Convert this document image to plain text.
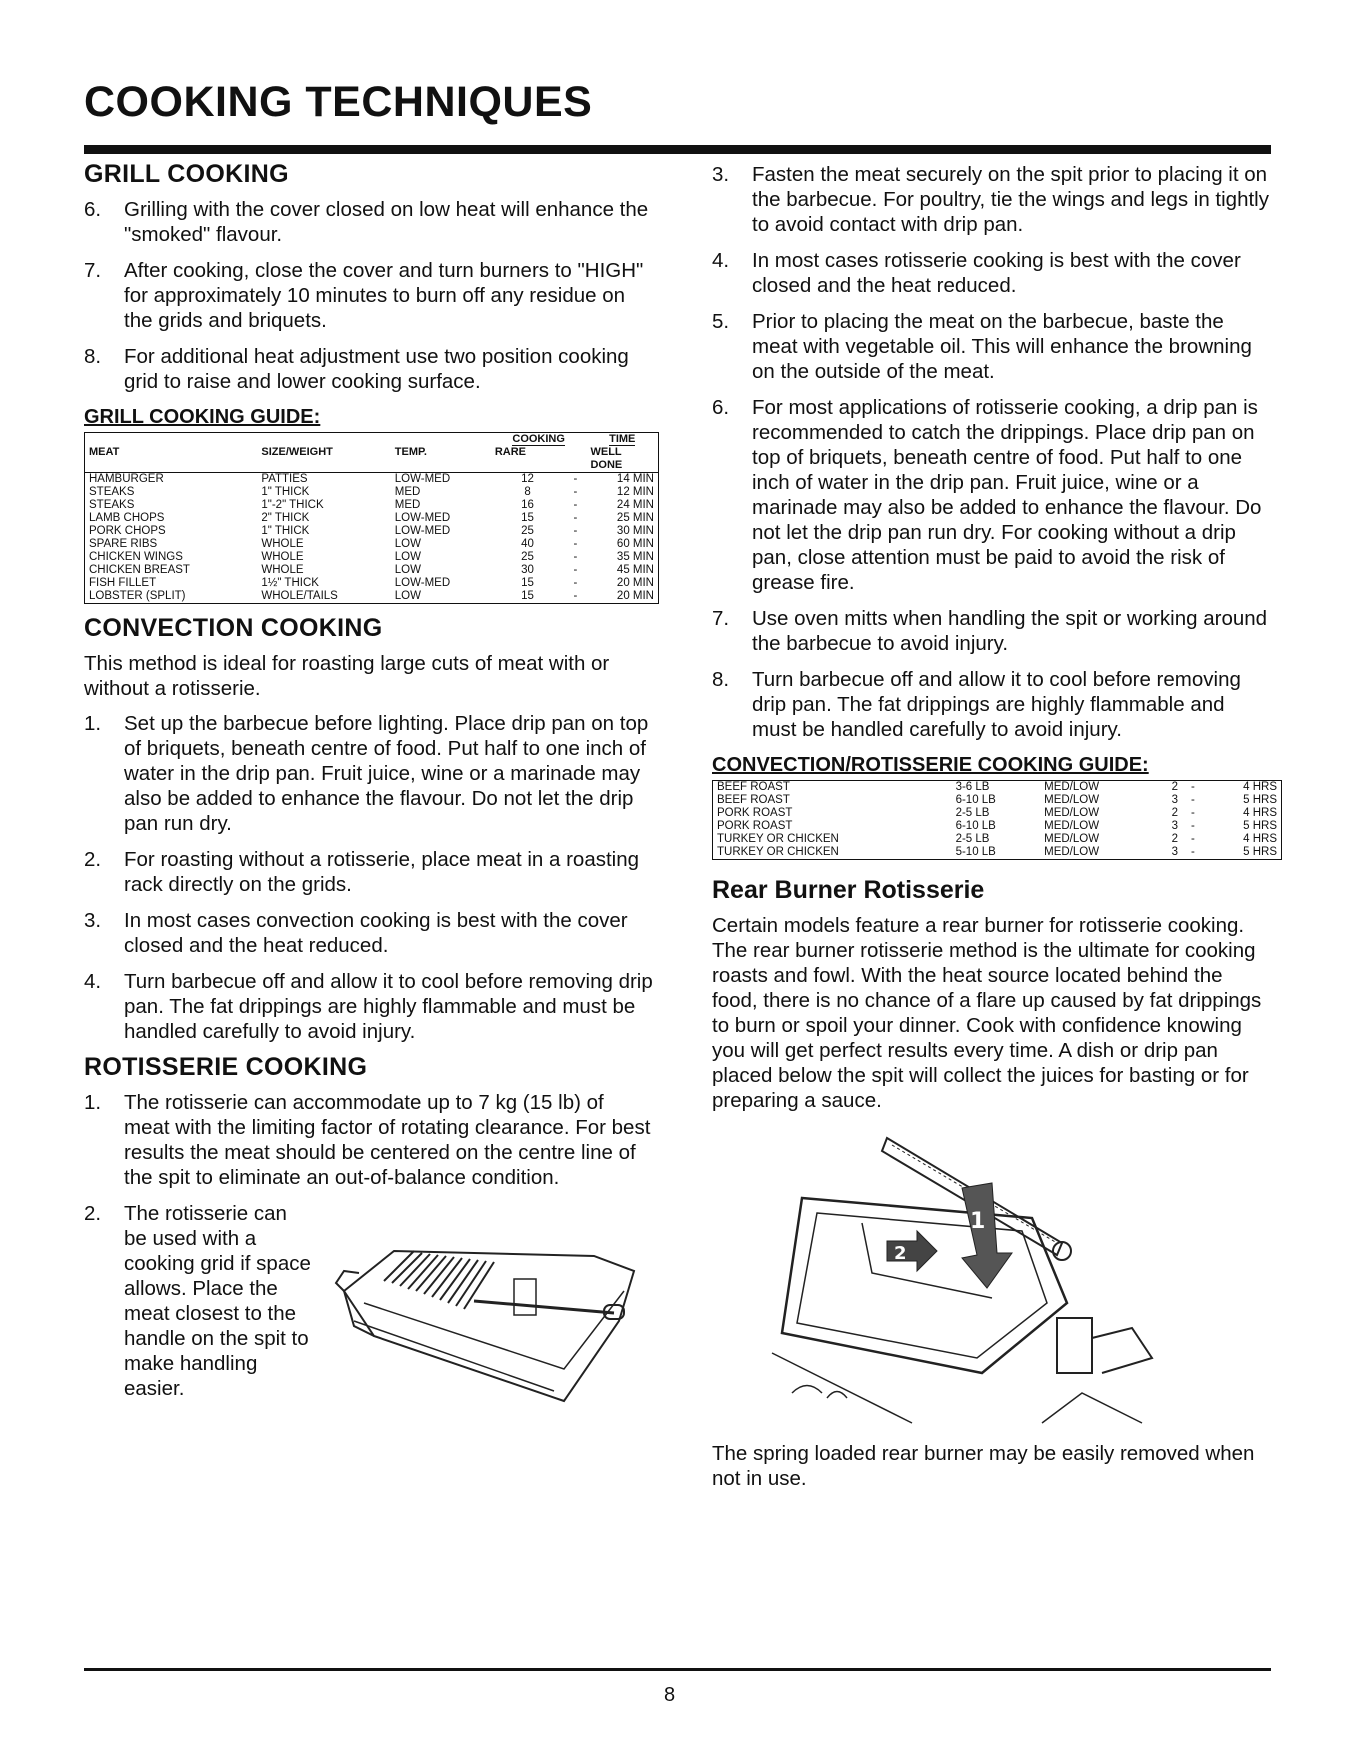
COOKING TECHNIQUES
GRILL COOKING
6.	Grilling with the cover closed on low heat will enhance the "smoked" flavour.
7.	After cooking, close the cover and turn burners to "HIGH" for approximately 10 minutes to burn off any residue on the grids and briquets.
8.	For additional heat adjustment use two position cooking grid to raise and lower cooking surface.
GRILL COOKING GUIDE:
			COOKING		TIME
MEAT	SIZE/WEIGHT	TEMP.	RARE		WELL
					DONE
HAMBURGER	PATTIES	LOW-MED	12	-	14 MIN
STEAKS	1" THICK	MED	8	-	12 MIN
STEAKS	1"-2" THICK	MED	16	-	24 MIN
LAMB CHOPS	2" THICK	LOW-MED	15	-	25 MIN
PORK CHOPS	1" THICK	LOW-MED	25	-	30 MIN
SPARE RIBS	WHOLE	LOW	40	-	60 MIN
CHICKEN WINGS	WHOLE	LOW	25	-	35 MIN
CHICKEN BREAST	WHOLE	LOW	30	-	45 MIN
FISH FILLET	1½" THICK	LOW-MED	15	-	20 MIN
LOBSTER (SPLIT)	WHOLE/TAILS	LOW	15	-	20 MIN
CONVECTION COOKING

This method is ideal for roasting large cuts of meat with or without a rotisserie.

1.	Set up the barbecue before lighting. Place drip pan on top of briquets, beneath centre of food. Put half to one inch of water in the drip pan. Fruit juice, wine or a marinade may also be added to enhance the flavour. Do not let the drip pan run dry.
2.	For roasting without a rotisserie, place meat in a roasting rack directly on the grids.
3.	In most cases convection cooking is best with the cover closed and the heat reduced.
4.	Turn barbecue off and allow it to cool before removing drip pan. The fat drippings are highly flammable and must be handled carefully to avoid injury.
ROTISSERIE COOKING
1.	The rotisserie can accommodate up to 7 kg (15 lb) of meat with the limiting factor of rotating clearance. For best results the meat should be centered on the centre line of the spit to eliminate an out-of-balance condition.
2.	The rotisserie can be used with a cooking grid if space allows. Place the meat closest to the handle on the spit to make handling easier.
3.	Fasten the meat securely on the spit prior to placing it on the barbecue. For poultry, tie the wings and legs in tightly to avoid contact with drip pan.
4.	In most cases rotisserie cooking is best with the cover closed and the heat reduced.
5.	Prior to placing the meat on the barbecue, baste the meat with vegetable oil. This will enhance the browning on the outside of the meat.
6.	For most applications of rotisserie cooking, a drip pan is recommended to catch the drippings. Place drip pan on top of briquets, beneath centre of food. Put half to one inch of water in the drip pan. Fruit juice, wine or a marinade may also be added to enhance the flavour. Do not let the drip pan run dry. For cooking without a drip pan, close attention must be paid to avoid the risk of grease fire.
7.	Use oven mitts when handling the spit or working around the barbecue to avoid injury.
8.	Turn barbecue off and allow it to cool before removing drip pan. The fat drippings are highly flammable and must be handled carefully to avoid injury.
CONVECTION/ROTISSERIE COOKING GUIDE:
BEEF ROAST	3-6 LB	MED/LOW	2	-	4 HRS
BEEF ROAST	6-10 LB	MED/LOW	3	-	5 HRS
PORK ROAST	2-5 LB	MED/LOW	2	-	4 HRS
PORK ROAST	6-10 LB	MED/LOW	3	-	5 HRS
TURKEY OR CHICKEN	2-5 LB	MED/LOW	2	-	4 HRS
TURKEY OR CHICKEN	5-10 LB	MED/LOW	3	-	5 HRS
Rear Burner Rotisserie

Certain models feature a rear burner for rotisserie cooking. The rear burner rotisserie method is the ultimate for cooking roasts and fowl. With the heat source located behind the food, there is no chance of a flare up caused by fat drippings to burn or spoil your dinner. Cook with confidence knowing you will get perfect results every time. A dish or drip pan placed below the spit will collect the juices for basting or for preparing a sauce.

1
2

The spring loaded rear burner may be easily removed when not in use.

8
